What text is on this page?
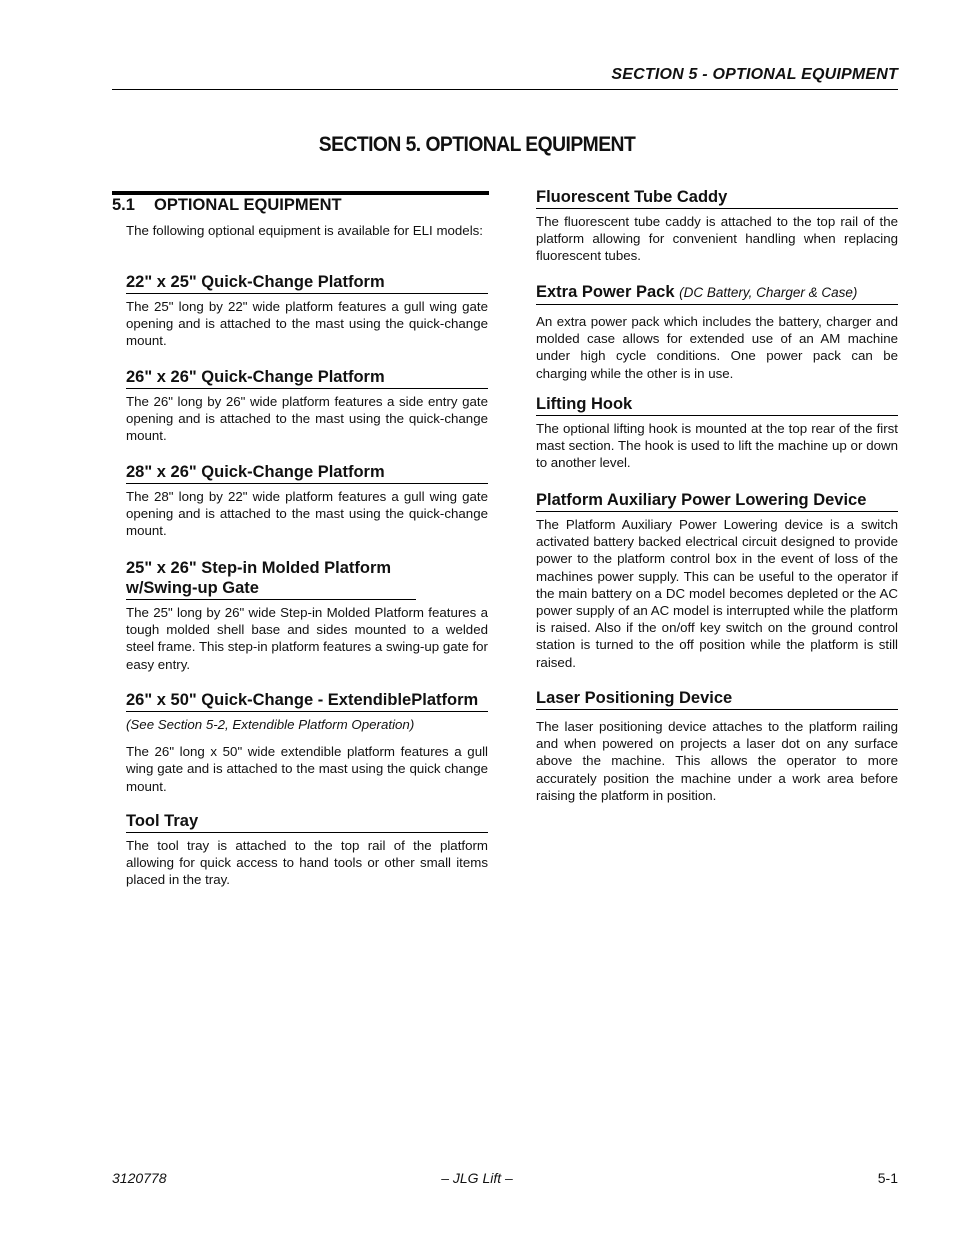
SECTION 5 - OPTIONAL EQUIPMENT
SECTION 5. OPTIONAL EQUIPMENT
5.1 OPTIONAL EQUIPMENT

The following optional equipment is available for ELI models:

22" x 25" Quick-Change Platform

The 25" long by 22" wide platform features a gull wing gate opening and is attached to the mast using the quick-change mount.

26" x 26" Quick-Change Platform

The 26" long by 26" wide platform features a side entry gate opening and is attached to the mast using the quick-change mount.

28" x 26" Quick-Change Platform

The 28" long by 22" wide platform features a gull wing gate opening and is attached to the mast using the quick-change mount.

25" x 26" Step-in Molded Platform w/Swing-up Gate

The 25" long by 26" wide Step-in Molded Platform features a tough molded shell base and sides mounted to a welded steel frame. This step-in platform features a swing-up gate for easy entry.

26" x 50" Quick-Change - ExtendiblePlatform

(See Section 5-2, Extendible Platform Operation)

The 26" long x 50" wide extendible platform features a gull wing gate and is attached to the mast using the quick change mount.

Tool Tray

The tool tray is attached to the top rail of the platform allowing for quick access to hand tools or other small items placed in the tray.

Fluorescent Tube Caddy

The fluorescent tube caddy is attached to the top rail of the platform allowing for convenient handling when replacing fluorescent tubes.

Extra Power Pack (DC Battery, Charger & Case)

An extra power pack which includes the battery, charger and molded case allows for extended use of an AM machine under high cycle conditions. One power pack can be charging while the other is in use.

Lifting Hook

The optional lifting hook is mounted at the top rear of the first mast section. The hook is used to lift the machine up or down to another level.

Platform Auxiliary Power Lowering Device

The Platform Auxiliary Power Lowering device is a switch activated battery backed electrical circuit designed to provide power to the platform control box in the event of loss of the machines power supply. This can be useful to the operator if the main battery on a DC model becomes depleted or the AC power supply of an AC model is interrupted while the platform is raised. Also if the on/off key switch on the ground control station is turned to the off position while the platform is still raised.

Laser Positioning Device

The laser positioning device attaches to the platform railing and when powered on projects a laser dot on any surface above the machine. This allows the operator to more accurately position the machine under a work area before raising the platform in position.

3120778	– JLG Lift –	5-1
